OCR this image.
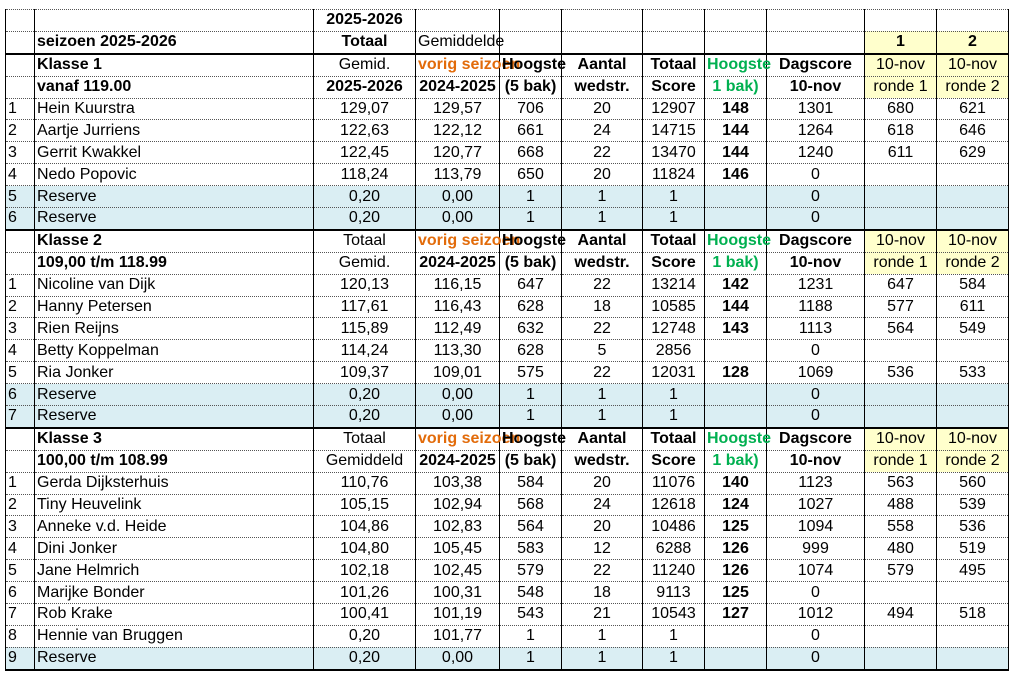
		2025-2026								
	seizoen 2025-2026	Totaal	Gemiddelde						1	2
	Klasse 1	Gemid.	vorig seizoen	Hoogste	Aantal	Totaal	Hoogste	Dagscore	10-nov	10-nov
	vanaf 119.00	2025-2026	2024-2025	(5 bak)	wedstr.	Score	1 bak)	10-nov	ronde 1	ronde 2
1	Hein Kuurstra	129,07	129,57	706	20	12907	148	1301	680	621
2	Aartje Jurriens	122,63	122,12	661	24	14715	144	1264	618	646
3	Gerrit Kwakkel	122,45	120,77	668	22	13470	144	1240	611	629
4	Nedo Popovic	118,24	113,79	650	20	11824	146	0		
5	Reserve	0,20	0,00	1	1	1		0		
6	Reserve	0,20	0,00	1	1	1		0		
	Klasse 2	Totaal	vorig seizoen	Hoogste	Aantal	Totaal	Hoogste	Dagscore	10-nov	10-nov
	109,00 t/m 118.99	Gemid.	2024-2025	(5 bak)	wedstr.	Score	1 bak)	10-nov	ronde 1	ronde 2
1	Nicoline van Dijk	120,13	116,15	647	22	13214	142	1231	647	584
2	Hanny Petersen	117,61	116,43	628	18	10585	144	1188	577	611
3	Rien Reijns	115,89	112,49	632	22	12748	143	1113	564	549
4	Betty Koppelman	114,24	113,30	628	5	2856		0		
5	Ria Jonker	109,37	109,01	575	22	12031	128	1069	536	533
6	Reserve	0,20	0,00	1	1	1		0		
7	Reserve	0,20	0,00	1	1	1		0		
	Klasse 3	Totaal	vorig seizoen	Hoogste	Aantal	Totaal	Hoogste	Dagscore	10-nov	10-nov
	100,00 t/m 108.99	Gemiddeld	2024-2025	(5 bak)	wedstr.	Score	1 bak)	10-nov	ronde 1	ronde 2
1	Gerda Dijksterhuis	110,76	103,38	584	20	11076	140	1123	563	560
2	Tiny Heuvelink	105,15	102,94	568	24	12618	124	1027	488	539
3	Anneke v.d. Heide	104,86	102,83	564	20	10486	125	1094	558	536
4	Dini Jonker	104,80	105,45	583	12	6288	126	999	480	519
5	Jane Helmrich	102,18	102,45	579	22	11240	126	1074	579	495
6	Marijke Bonder	101,26	100,31	548	18	9113	125	0		
7	Rob Krake	100,41	101,19	543	21	10543	127	1012	494	518
8	Hennie van Bruggen	0,20	101,77	1	1	1		0		
9	Reserve	0,20	0,00	1	1	1		0		
